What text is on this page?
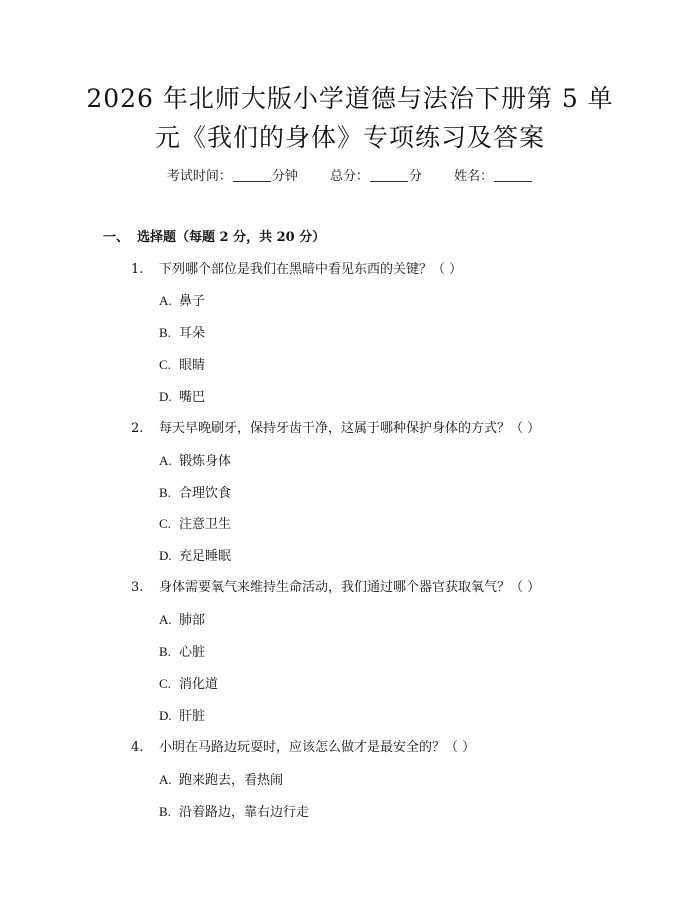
2026 年北师大版小学道德与法治下册第 5 单
元《我们的身体》专项练习及答案
考试时间：	分钟 总分：	分 姓名：
一、 选择题（每题 2 分，共 20 分）
1. 下列哪个部位是我们在黑暗中看见东西的关键？（ ）
A. 鼻子
B. 耳朵
C. 眼睛
D. 嘴巴
2. 每天早晚刷牙，保持牙齿干净，这属于哪种保护身体的方式？（ ）
A. 锻炼身体
B. 合理饮食
C. 注意卫生
D. 充足睡眠
3. 身体需要氧气来维持生命活动，我们通过哪个器官获取氧气？（ ）
A. 肺部
B. 心脏
C. 消化道
D. 肝脏
4. 小明在马路边玩耍时，应该怎么做才是最安全的？（ ）
A. 跑来跑去，看热闹
B. 沿着路边，靠右边行走
